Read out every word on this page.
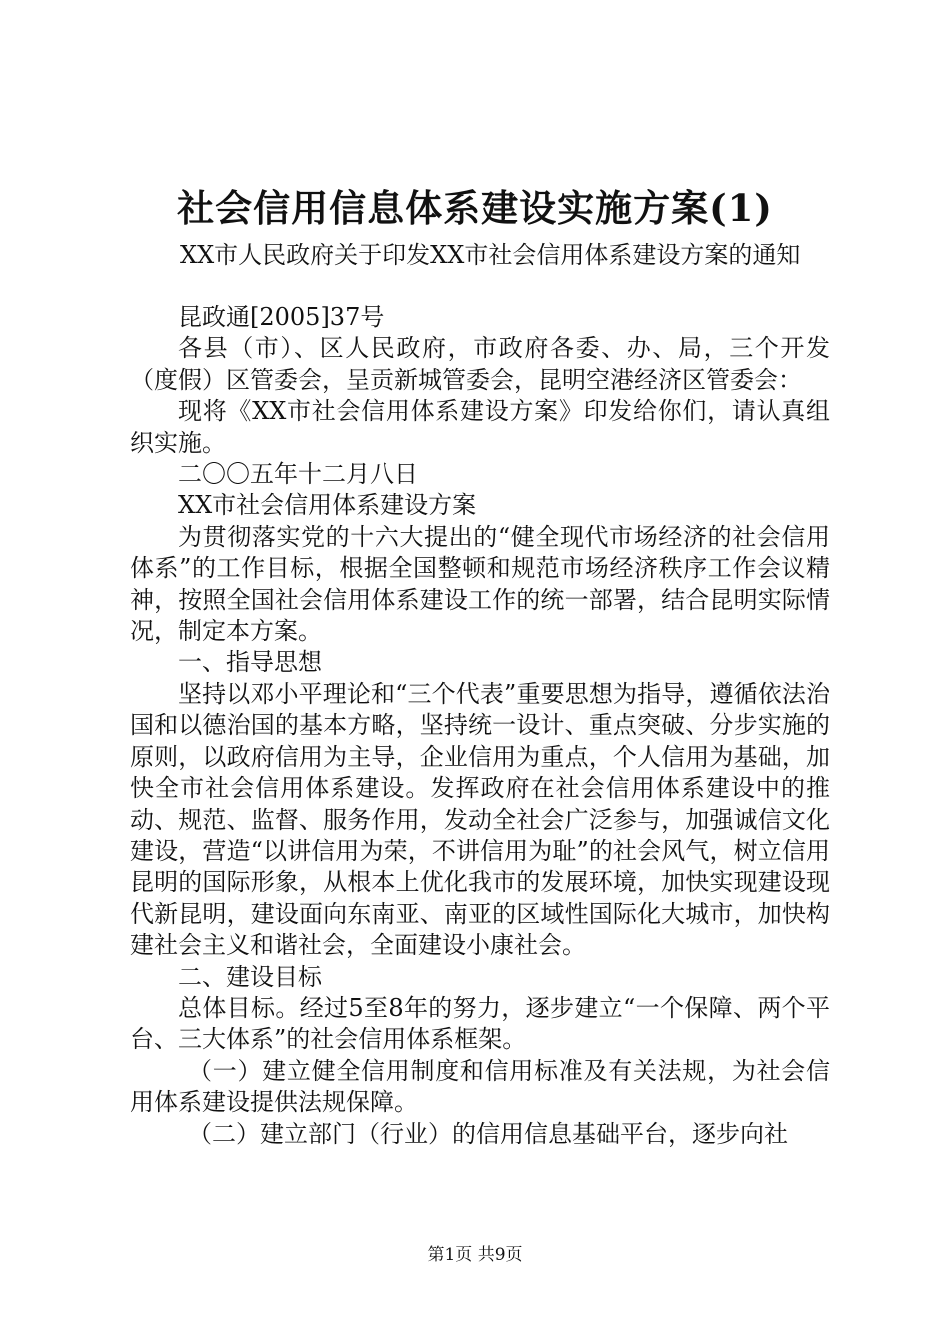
社会信用信息体系建设实施方案(1)
XX市人民政府关于印发XX市社会信用体系建设方案的通知

昆政通[2005]37号

各县（市）、区人民政府，市政府各委、办、局，三个开发（度假）区管委会，呈贡新城管委会，昆明空港经济区管委会：

现将《XX市社会信用体系建设方案》印发给你们，请认真组织实施。

二〇〇五年十二月八日

XX市社会信用体系建设方案

为贯彻落实党的十六大提出的“健全现代市场经济的社会信用体系”的工作目标，根据全国整顿和规范市场经济秩序工作会议精神，按照全国社会信用体系建设工作的统一部署，结合昆明实际情况，制定本方案。

一、指导思想

坚持以邓小平理论和“三个代表”重要思想为指导，遵循依法治国和以德治国的基本方略，坚持统一设计、重点突破、分步实施的原则，以政府信用为主导，企业信用为重点，个人信用为基础，加快全市社会信用体系建设。发挥政府在社会信用体系建设中的推动、规范、监督、服务作用，发动全社会广泛参与，加强诚信文化建设，营造“以讲信用为荣，不讲信用为耻”的社会风气，树立信用昆明的国际形象，从根本上优化我市的发展环境，加快实现建设现代新昆明，建设面向东南亚、南亚的区域性国际化大城市，加快构建社会主义和谐社会，全面建设小康社会。

二、建设目标

总体目标。经过5至8年的努力，逐步建立“一个保障、两个平台、三大体系”的社会信用体系框架。

（一）建立健全信用制度和信用标准及有关法规，为社会信用体系建设提供法规保障。

（二）建立部门（行业）的信用信息基础平台，逐步向社

第1页 共9页
